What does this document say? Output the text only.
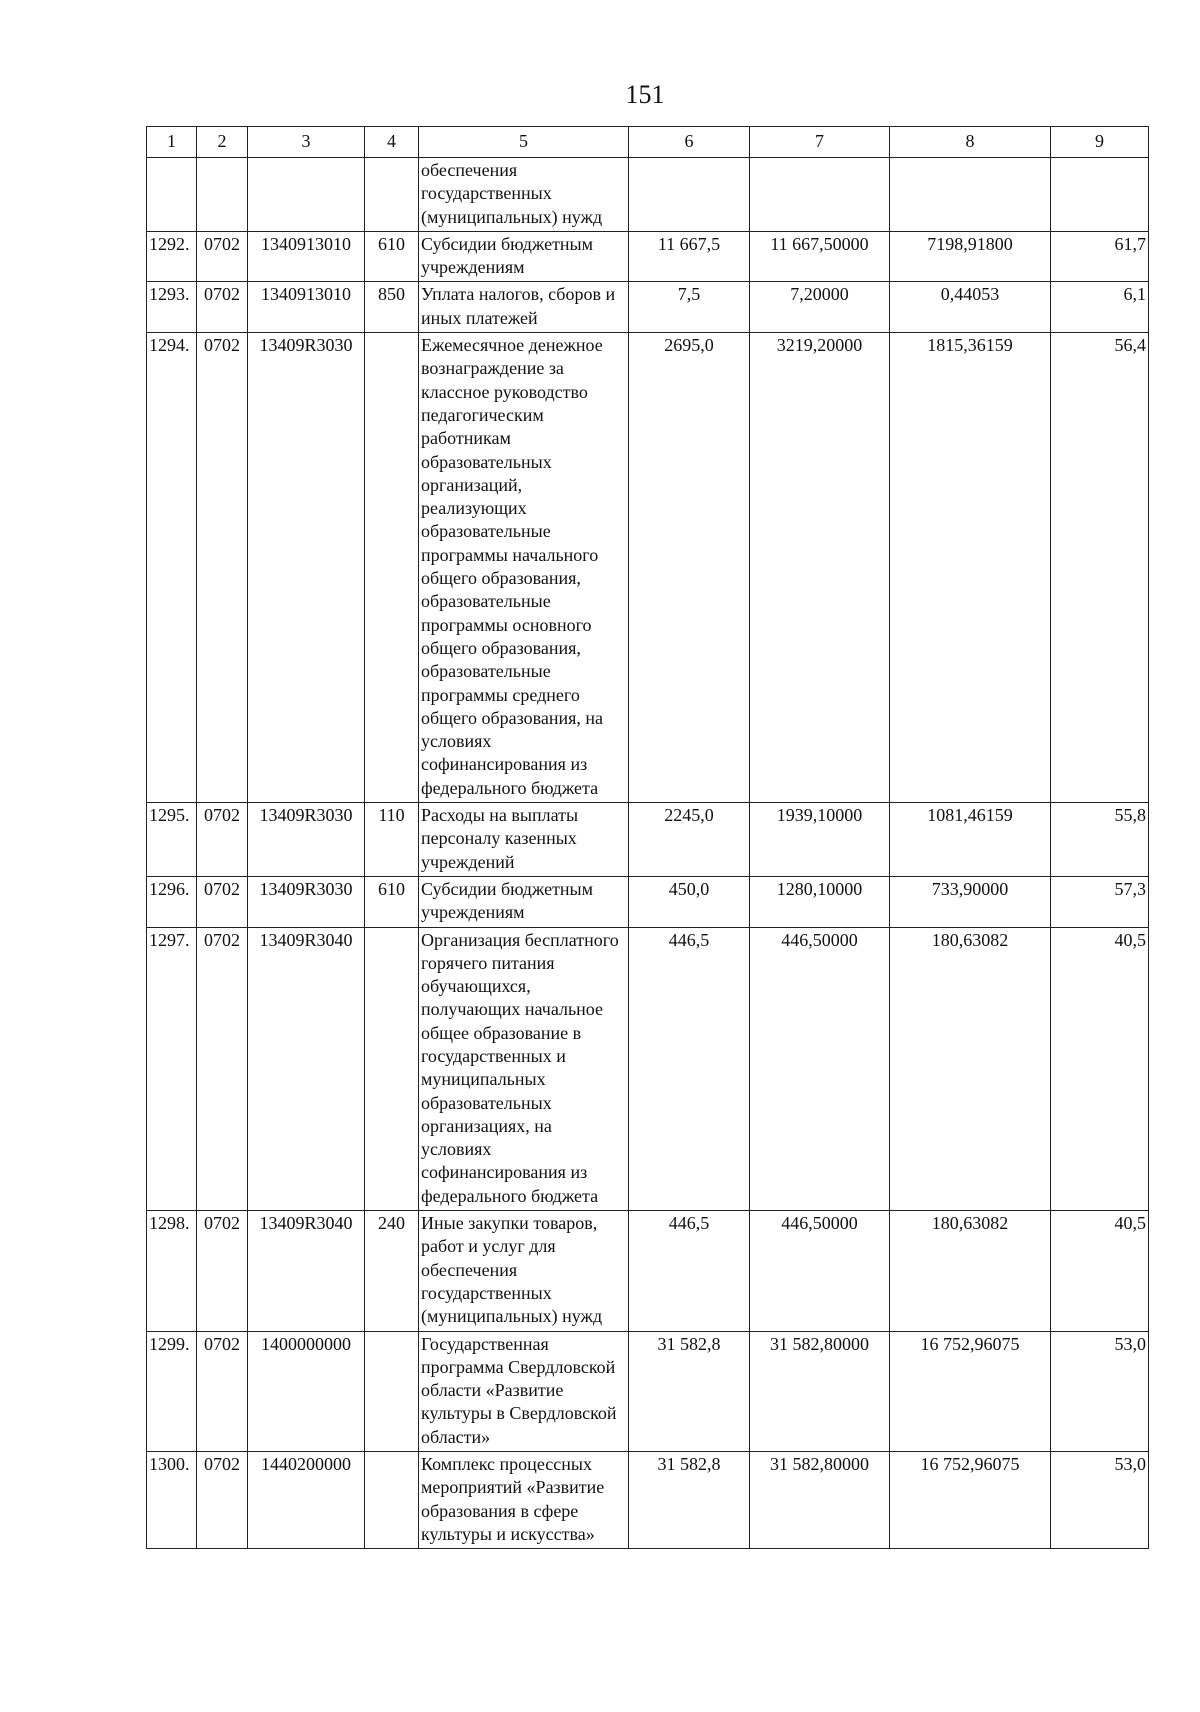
151
1	2	3	4	5	6	7	8	9
				обеспечения государственных (муниципальных) нужд				
1292.	0702	1340913010	610	Субсидии бюджетным учреждениям	11 667,5	11 667,50000	7198,91800	61,7
1293.	0702	1340913010	850	Уплата налогов, сборов и иных платежей	7,5	7,20000	0,44053	6,1
1294.	0702	13409R3030		Ежемесячное денежное вознаграждение за классное руководство педагогическим работникам образовательных организаций, реализующих образовательные программы начального общего образования, образовательные программы основного общего образования, образовательные программы среднего общего образования, на условиях софинансирования из федерального бюджета	2695,0	3219,20000	1815,36159	56,4
1295.	0702	13409R3030	110	Расходы на выплаты персоналу казенных учреждений	2245,0	1939,10000	1081,46159	55,8
1296.	0702	13409R3030	610	Субсидии бюджетным учреждениям	450,0	1280,10000	733,90000	57,3
1297.	0702	13409R3040		Организация бесплатного горячего питания обучающихся, получающих начальное общее образование в государственных и муниципальных образовательных организациях, на условиях софинансирования из федерального бюджета	446,5	446,50000	180,63082	40,5
1298.	0702	13409R3040	240	Иные закупки товаров, работ и услуг для обеспечения государственных (муниципальных) нужд	446,5	446,50000	180,63082	40,5
1299.	0702	1400000000		Государственная программа Свердловской области «Развитие культуры в Свердловской области»	31 582,8	31 582,80000	16 752,96075	53,0
1300.	0702	1440200000		Комплекс процессных мероприятий «Развитие образования в сфере культуры и искусства»	31 582,8	31 582,80000	16 752,96075	53,0
